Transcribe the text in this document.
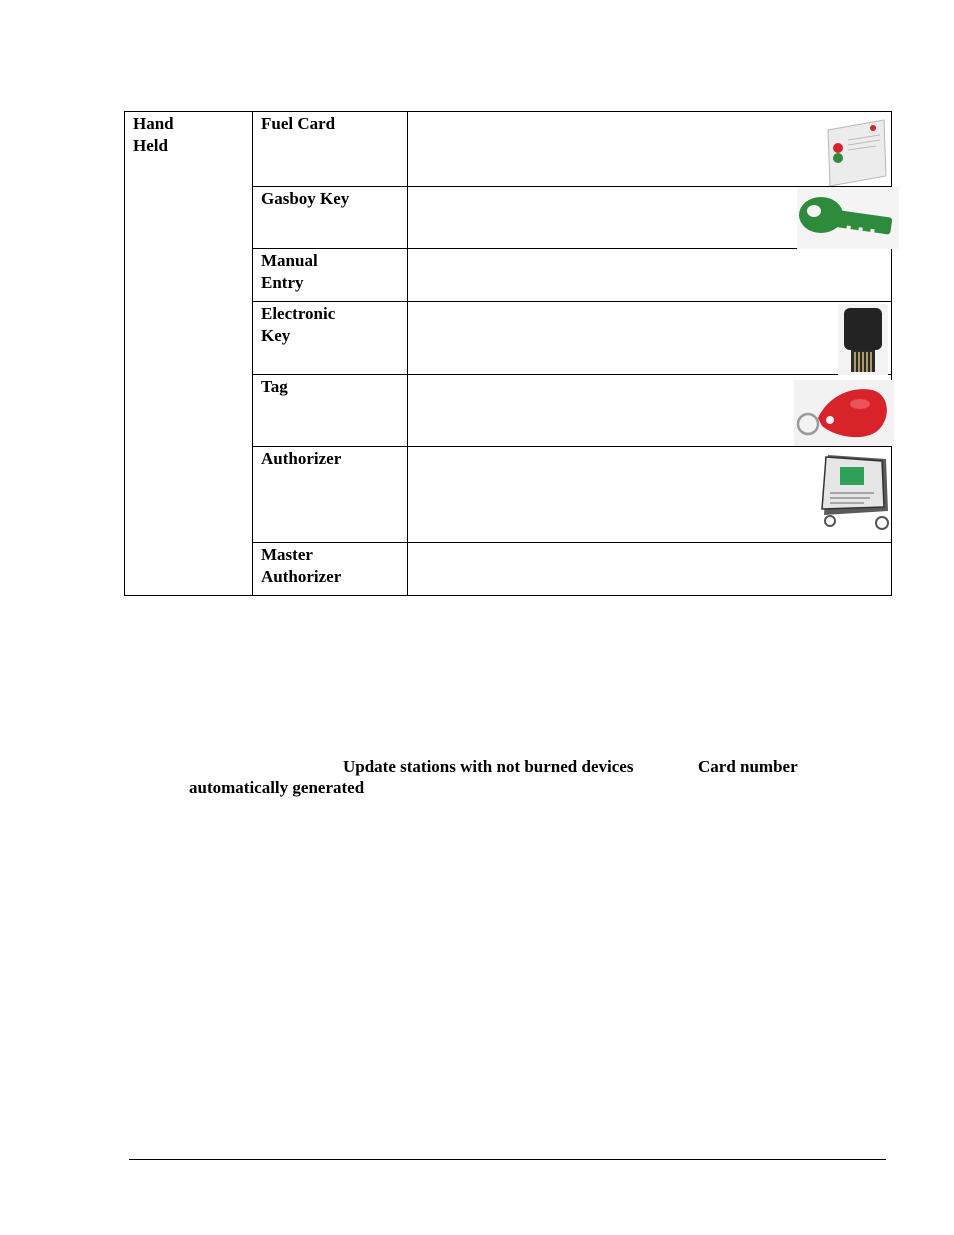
Hand
Held	Fuel Card

	Gasboy Key

	Manual
Entry	

	Electronic
Key

	Tag

	Authorizer

	Master
Authorizer	

Update stations with not burned devices	Card number
automatically generated
